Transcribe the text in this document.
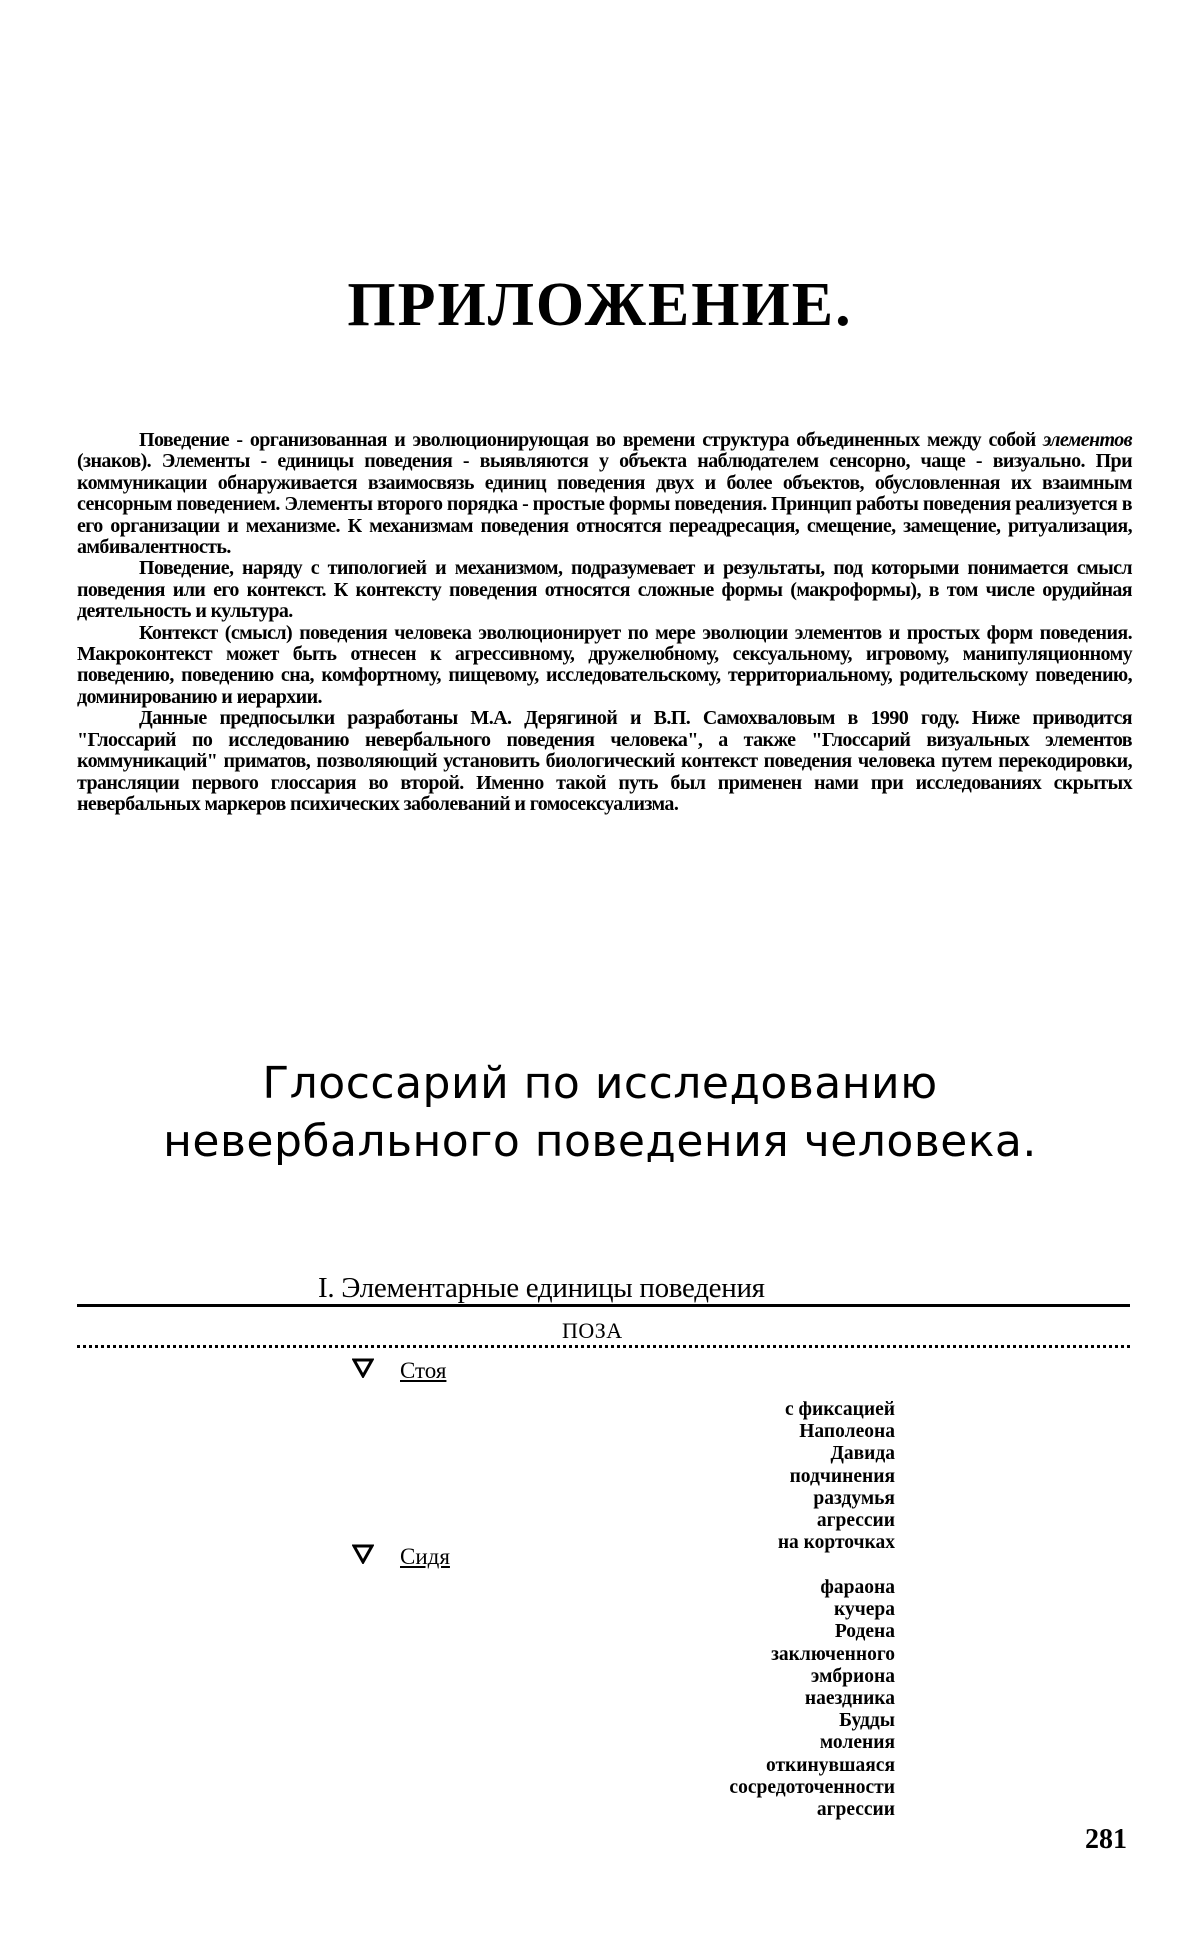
ПРИЛОЖЕНИЕ.

Поведение - организованная и эволюционирующая во времени структура объединенных между собой элементов (знаков). Элементы - единицы поведения - выявляются у объекта наблюдателем сенсорно, чаще - визуально. При коммуникации обнаруживается взаимосвязь единиц поведения двух и более объектов, обусловленная их взаимным сенсорным поведением. Элементы второго порядка - простые формы поведения. Принцип работы поведения реализуется в его организации и механизме. К механизмам поведения относятся переадресация, смещение, замещение, ритуализация, амбивалентность.

Поведение, наряду с типологией и механизмом, подразумевает и результаты, под которыми понимается смысл поведения или его контекст. К контексту поведения относятся сложные формы (макроформы), в том числе орудийная деятельность и культура.

Контекст (смысл) поведения человека эволюционирует по мере эволюции элементов и простых форм поведения. Макроконтекст может быть отнесен к агрессивному, дружелюбному, сексуальному, игровому, манипуляционному поведению, поведению сна, комфортному, пищевому, исследовательскому, территориальному, родительскому поведению, доминированию и иерархии.

Данные предпосылки разработаны М.А. Дерягиной и В.П. Самохваловым в 1990 году. Ниже приводится "Глоссарий по исследованию невербального поведения человека", а также "Глоссарий визуальных элементов коммуникаций" приматов, позволяющий установить биологический контекст поведения человека путем перекодировки, трансляции первого глоссария во второй. Именно такой путь был применен нами при исследованиях скрытых невербальных маркеров психических заболеваний и гомосексуализма.

Глоссарий по исследованию
невербального поведения человека.
I. Элементарные единицы поведения
ПОЗА
Стоя
с фиксацией
Наполеона
Давида
подчинения
раздумья
агрессии
на корточках
Сидя
фараона
кучера
Родена
заключенного
эмбриона
наездника
Будды
моления
откинувшаяся
сосредоточенности
агрессии
281
